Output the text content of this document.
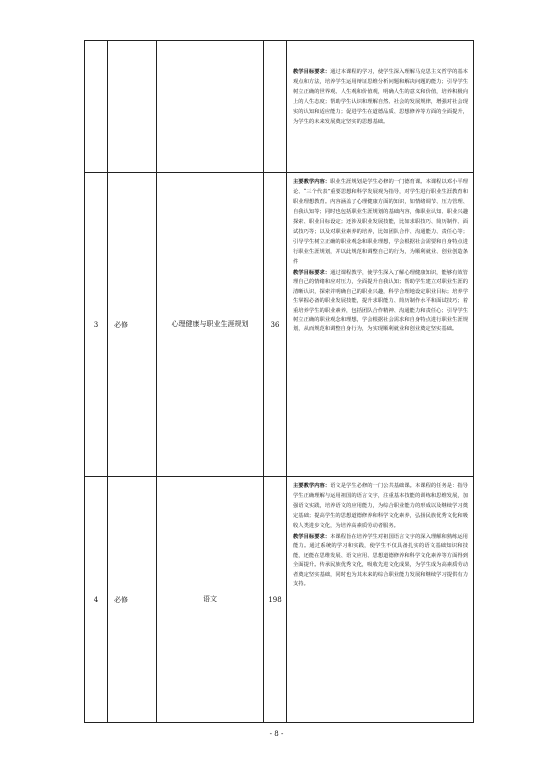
				教学目标要求：通过本课程的学习，使学生深入理解马克思主义哲学的基本观点和方法，培养学生运用辩证思维分析问题和解决问题的能力；引导学生树立正确的世界观、人生观和价值观，明确人生的意义和价值，培养积极向上的人生态度；帮助学生认识和理解自然、社会的发展规律，增强对社会现实的认知和适应能力；促进学生在道德品质、思想修养等方面的全面提升，为学生的未来发展奠定坚实的思想基础。

3	必修	心理健康与职业生涯规划	36	主要教学内容：职业生涯规划是学生必修的一门德育课。本课程以邓小平理论、“三个代表”重要思想和科学发展观为指导，对学生进行职业生涯教育和职业理想教育。内容涵盖了心理健康方面的知识，如情绪调节、压力管理、自我认知等；同时也包括职业生涯规划的基础内容，像职业认知、职业兴趣探索、职业目标设定；还涉及职业发展技能，比如求职技巧、简历制作、面试技巧等；以及对职业素养的培养，比如团队合作、沟通能力、责任心等；引导学生树立正确的职业观念和职业理想，学会根据社会需要和自身特点进行职业生涯规划，并以此规范和调整自己的行为，为顺利就业、创业创造条件

教学目标要求：通过课程教学，使学生深入了解心理健康知识，能够有效管理自己的情绪和应对压力，全面提升自我认知；帮助学生建立对职业生涯的清晰认识，探索并明确自己的职业兴趣，科学合理地设定职业目标；培养学生掌握必备的职业发展技能，提升求职能力、简历制作水平和面试技巧；着重培养学生的职业素养，包括团队合作精神、沟通能力和责任心；引导学生树立正确的职业观念和理想，学会根据社会需求和自身特点进行职业生涯规划，从而规范和调整自身行为，为实现顺利就业和创业奠定坚实基础。

4	必修	语文	198	主要教学内容：语文是学生必修的一门公共基础课。本课程的任务是：指导学生正确理解与运用祖国的语言文字，注重基本技能的训练和思维发展，加强语文实践，培养语文的应用能力，为综合职业能力的形成以及继续学习奠定基础；提高学生的思想道德修养和科学文化素养，弘扬民族优秀文化和吸收人类进步文化，为培养高素质劳动者服务。

教学目标要求：本课程旨在培养学生对祖国语言文字的深入理解和熟练运用能力。通过系统的学习和实践，使学生不仅具备扎实的语文基础知识和技能，还能在思维发展、语文应用、思想道德修养和科学文化素养等方面得到全面提升。传承民族优秀文化，吸收先进文化成果，为学生成为高素质劳动者奠定坚实基础，同时也为其未来的综合职业能力发展和继续学习提供有力支持。

- 8 -
